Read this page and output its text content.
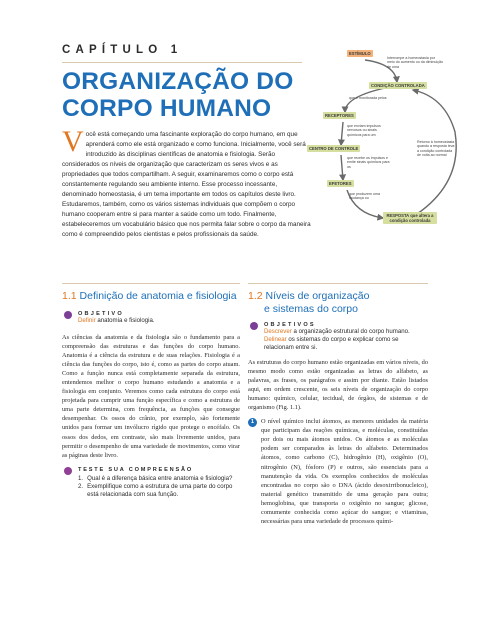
CAPÍTULO 1
ORGANIZAÇÃO DO
CORPO HUMANO
Você está começando uma fascinante exploração do corpo humano, em que aprenderá como ele está organizado e como funciona. Inicialmente, você será introduzido às disciplinas científicas de anatomia e fisiologia. Serão considerados os níveis de organização que caracterizam os seres vivos e as propriedades que todos compartilham. A seguir, examinaremos como o corpo está constantemente regulando seu ambiente interno. Esse processo incessante, denominado homeostasia, é um tema importante em todos os capítulos deste livro. Estudaremos, também, como os vários sistemas individuais que compõem o corpo humano cooperam entre si para manter a saúde como um todo. Finalmente, estabeleceremos um vocabulário básico que nos permita falar sobre o corpo da maneira como é compreendido pelos cientistas e pelos profissionais da saúde.
ESTÍMULO
Interrompe a homeostasia por meio do aumento ou da diminuição de uma
CONDIÇÃO CONTROLADA
que é monitorada pelos
RECEPTORES
que enviam impulsos nervosos ou sinais químicos para um
CENTRO DE CONTROLE
que recebe os impulsos e emite sinais químicos para os
EFETORES
que produzem uma mudança ou
RESPOSTA que altera a condição controlada
Retorno à homeostasia quando a resposta leva a condição controlada de volta ao normal
1.1 Definição de anatomia e fisiologia
OBJETIVO
Definir anatomia e fisiologia.
As ciências da anatomia e da fisiologia são o fundamento para a compreensão das estruturas e das funções do corpo humano. Anatomia é a ciência da estrutura e de suas relações. Fisiologia é a ciência das funções do corpo, isto é, como as partes do corpo atuam. Como a função nunca está completamente separada da estrutura, entendemos melhor o corpo humano estudando a anatomia e a fisiologia em conjunto. Veremos como cada estrutura do corpo está projetada para cumprir uma função específica e como a estrutura de uma parte determina, com frequência, as funções que consegue desempenhar. Os ossos do crânio, por exemplo, são fortemente unidos para formar um invólucro rígido que protege o encéfalo. Os ossos dos dedos, em contraste, são mais livremente unidos, para permitir o desempenho de uma variedade de movimentos, como virar as páginas deste livro.
TESTE SUA COMPREENSÃO
1. Qual é a diferença básica entre anatomia e fisiologia?
2. Exemplifique como a estrutura de uma parte do corpo está relacionada com sua função.
1.2 Níveis de organização
e sistemas do corpo
OBJETIVOS
Descrever a organização estrutural do corpo humano.
Delinear os sistemas do corpo e explicar como se relacionam entre si.
As estruturas do corpo humano estão organizadas em vários níveis, do mesmo modo como estão organizadas as letras do alfabeto, as palavras, as frases, os parágrafos e assim por diante. Estão listados aqui, em ordem crescente, os seis níveis de organização do corpo humano: químico, celular, tecidual, de órgãos, de sistemas e de organismo (Fig. 1.1).
1	O nível químico inclui átomos, as menores unidades da matéria que participam das reações químicas, e moléculas, constituídas por dois ou mais átomos unidos. Os átomos e as moléculas podem ser comparados às letras do alfabeto. Determinados átomos, como carbono (C), hidrogênio (H), oxigênio (O), nitrogênio (N), fósforo (P) e outros, são essenciais para a manutenção da vida. Os exemplos conhecidos de moléculas encontradas no corpo são o DNA (ácido desoxirribonucleico), material genético transmitido de uma geração para outra; hemoglobina, que transporta o oxigênio no sangue; glicose, comumente conhecida como açúcar do sangue; e vitaminas, necessárias para uma variedade de processos quími-
